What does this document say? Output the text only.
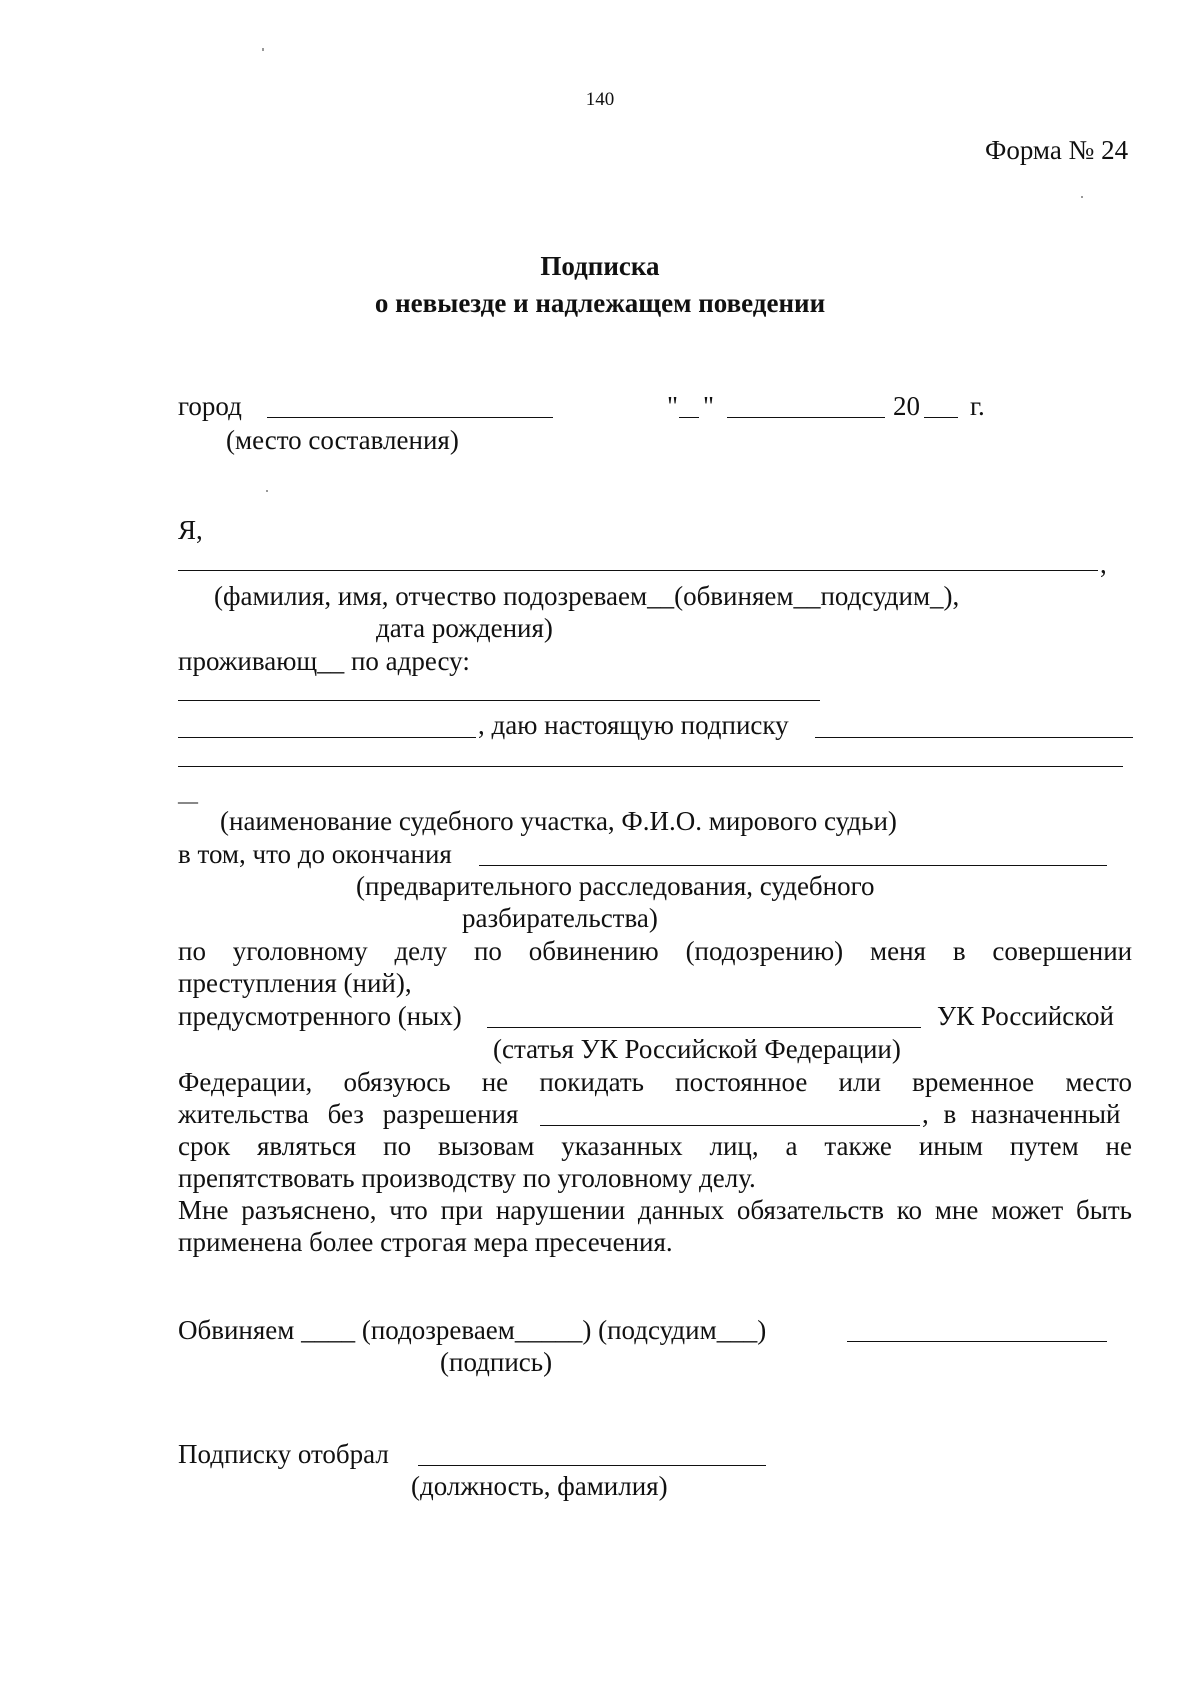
140
Форма № 24
Подписка
о невыезде и надлежащем поведении
город	" "	20 г.
(место составления)
Я,
,
(фамилия, имя, отчество подозреваем__(обвиняем__подсудим_),
дата рождения)
проживающ__ по адресу:
, даю настоящую подписку
__
(наименование судебного участка, Ф.И.О. мирового судьи)
в том, что до окончания
(предварительного расследования, судебного
разбирательства)
по уголовному делу по обвинению (подозрению) меня в совершении
преступления (ний),
предусмотренного (ных)	УК Российской
(статья УК Российской Федерации)
Федерации, обязуюсь не покидать постоянное или временное место
жительства без разрешения	, в назначенный
срок являться по вызовам указанных лиц, а также иным путем не
препятствовать производству по уголовному делу.
Мне разъяснено, что при нарушении данных обязательств ко мне может быть
применена более строгая мера пресечения.
Обвиняем ____ (подозреваем_____) (подсудим___)
(подпись)
Подписку отобрал
(должность, фамилия)
